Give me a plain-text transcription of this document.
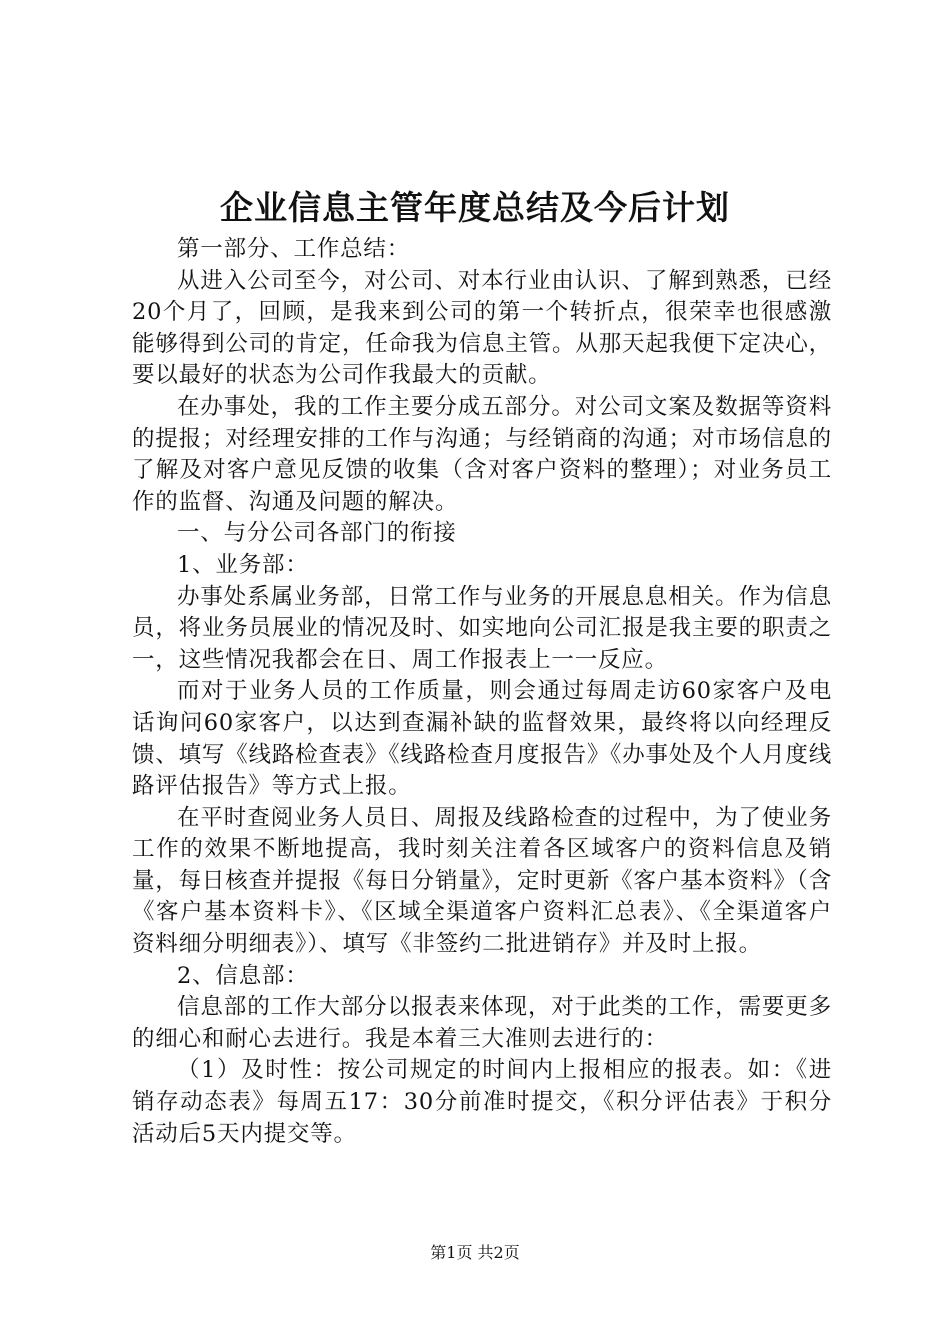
企业信息主管年度总结及今后计划

第一部分、工作总结：

从进入公司至今，对公司、对本行业由认识、了解到熟悉，已经20个月了，回顾，是我来到公司的第一个转折点，很荣幸也很感激能够得到公司的肯定，任命我为信息主管。从那天起我便下定决心，要以最好的状态为公司作我最大的贡献。

在办事处，我的工作主要分成五部分。对公司文案及数据等资料的提报；对经理安排的工作与沟通；与经销商的沟通；对市场信息的了解及对客户意见反馈的收集（含对客户资料的整理）；对业务员工作的监督、沟通及问题的解决。

一、与分公司各部门的衔接

1、业务部：

办事处系属业务部，日常工作与业务的开展息息相关。作为信息员，将业务员展业的情况及时、如实地向公司汇报是我主要的职责之一，这些情况我都会在日、周工作报表上一一反应。

而对于业务人员的工作质量，则会通过每周走访60家客户及电话询问60家客户，以达到查漏补缺的监督效果，最终将以向经理反馈、填写《线路检查表》《线路检查月度报告》《办事处及个人月度线路评估报告》等方式上报。

在平时查阅业务人员日、周报及线路检查的过程中，为了使业务工作的效果不断地提高，我时刻关注着各区域客户的资料信息及销量，每日核查并提报《每日分销量》，定时更新《客户基本资料》（含《客户基本资料卡》、《区域全渠道客户资料汇总表》、《全渠道客户资料细分明细表》）、填写《非签约二批进销存》并及时上报。

2、信息部：

信息部的工作大部分以报表来体现，对于此类的工作，需要更多的细心和耐心去进行。我是本着三大准则去进行的：

（1）及时性：按公司规定的时间内上报相应的报表。如：《进销存动态表》每周五17：30分前准时提交，《积分评估表》于积分活动后5天内提交等。

第1页 共2页
